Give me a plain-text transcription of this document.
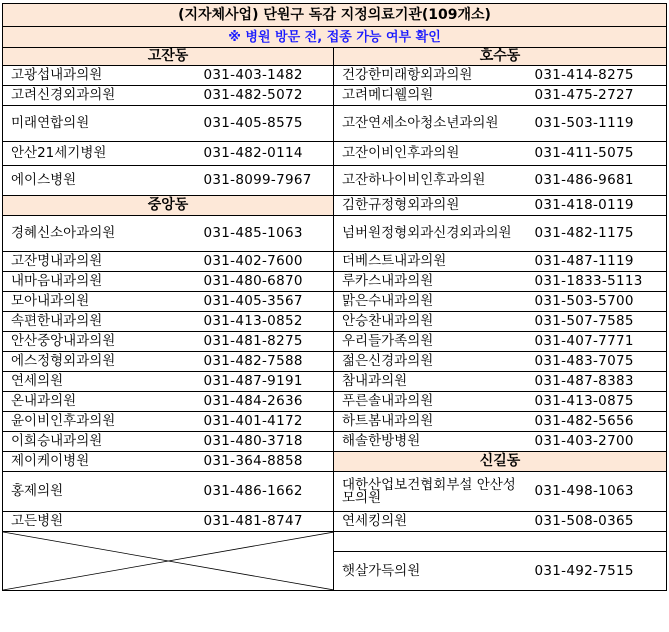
(지자체사업) 단원구 독감 지정의료기관(109개소)			
※ 병원 방문 전, 접종 가능 여부 확인			
고잔동		호수동	
고광섭내과의원	031-403-1482	건강한미래항외과의원	031-414-8275
고려신경외과의원	031-482-5072	고려메디웰의원	031-475-2727
미래연합의원	031-405-8575	고잔연세소아청소년과의원	031-503-1119
안산21세기병원	031-482-0114	고잔이비인후과의원	031-411-5075
에이스병원	031-8099-7967	고잔하나이비인후과의원	031-486-9681
중앙동		김한규정형외과의원	031-418-0119
경혜신소아과의원	031-485-1063	넘버원정형외과신경외과의원	031-482-1175
고잔명내과의원	031-402-7600	더베스트내과의원	031-487-1119
내마음내과의원	031-480-6870	루카스내과의원	031-1833-5113
모아내과의원	031-405-3567	맑은수내과의원	031-503-5700
속편한내과의원	031-413-0852	안승찬내과의원	031-507-7585
안산중앙내과의원	031-481-8275	우리들가족의원	031-407-7771
에스정형외과의원	031-482-7588	젊은신경과의원	031-483-7075
연세의원	031-487-9191	참내과의원	031-487-8383
온내과의원	031-484-2636	푸른솔내과의원	031-413-0875
윤이비인후과의원	031-401-4172	하트봄내과의원	031-482-5656
이희승내과의원	031-480-3718	해솔한방병원	031-403-2700
제이케이병원	031-364-8858	신길동	
홍제의원	031-486-1662	대한산업보건협회부설 안산성모의원	031-498-1063
고든병원	031-481-8747	연세킹의원	031-508-0365

		햇살가득의원	031-492-7515
